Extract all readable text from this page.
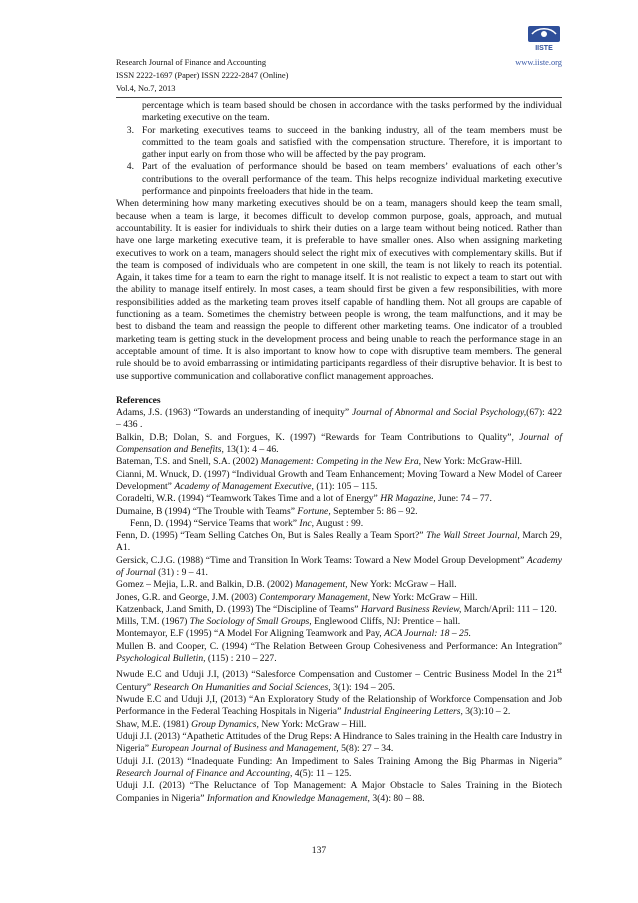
Research Journal of Finance and Accounting	www.iiste.org
ISSN 2222-1697 (Paper) ISSN 2222-2847 (Online)
Vol.4, No.7, 2013
IISTE

percentage which is team based should be chosen in accordance with the tasks performed by the individual marketing executive on the team.

3. For marketing executives teams to succeed in the banking industry, all of the team members must be committed to the team goals and satisfied with the compensation structure. Therefore, it is important to gather input early on from those who will be affected by the pay program.
4. Part of the evaluation of performance should be based on team members’ evaluations of each other’s contributions to the overall performance of the team. This helps recognize individual marketing executive performance and pinpoints freeloaders that hide in the team.

When determining how many marketing executives should be on a team, managers should keep the team small, because when a team is large, it becomes difficult to develop common purpose, goals, approach, and mutual accountability. It is easier for individuals to shirk their duties on a large team without being noticed. Rather than have one large marketing executive team, it is preferable to have smaller ones. Also when assigning marketing executives to work on a team, managers should select the right mix of executives with complementary skills. But if the team is composed of individuals who are competent in one skill, the team is not likely to reach its potential. Again, it takes time for a team to earn the right to manage itself. It is not realistic to expect a team to start out with the ability to manage itself entirely. In most cases, a team should first be given a few responsibilities, with more responsibilities added as the marketing team proves itself capable of handling them. Not all groups are capable of functioning as a team. Sometimes the chemistry between people is wrong, the team malfunctions, and it may be best to disband the team and reassign the people to different other marketing teams. One indicator of a troubled marketing team is getting stuck in the development process and being unable to reach the performance stage in an acceptable amount of time. It is also important to know how to cope with disruptive team members. The general rule should be to avoid embarrassing or intimidating participants regardless of their disruptive behavior. It is best to use supportive communication and collaborative conflict management approaches.

References

Adams, J.S. (1963) “Towards an understanding of inequity” Journal of Abnormal and Social Psychology,(67): 422 – 436 .

Balkin, D.B; Dolan, S. and Forgues, K. (1997) “Rewards for Team Contributions to Quality”, Journal of Compensation and Benefits, 13(1): 4 – 46.

Bateman, T.S. and Snell, S.A. (2002) Management: Competing in the New Era, New York: McGraw-Hill.

Cianni, M. Wnuck, D. (1997) “Individual Growth and Team Enhancement; Moving Toward a New Model of Career Development” Academy of Management Executive, (11): 105 – 115.

Coradelti, W.R. (1994) “Teamwork Takes Time and a lot of Energy” HR Magazine, June: 74 – 77.

Dumaine, B (1994) “The Trouble with Teams” Fortune, September 5: 86 – 92.

Fenn, D. (1994) “Service Teams that work” Inc, August : 99.

Fenn, D. (1995) “Team Selling Catches On, But is Sales Really a Team Sport?” The Wall Street Journal, March 29, A1.

Gersick, C.J.G. (1988) “Time and Transition In Work Teams: Toward a New Model Group Development” Academy of Journal (31) : 9 – 41.

Gomez – Mejia, L.R. and Balkin, D.B. (2002) Management, New York: McGraw – Hall.

Jones, G.R. and George, J.M. (2003) Contemporary Management, New York: McGraw – Hill.

Katzenback, J.and Smith, D. (1993) The “Discipline of Teams” Harvard Business Review, March/April: 111 – 120.

Mills, T.M. (1967) The Sociology of Small Groups, Englewood Cliffs, NJ: Prentice – hall.

Montemayor, E.F (1995) “A Model For Aligning Teamwork and Pay, ACA Journal: 18 – 25.

Mullen B. and Cooper, C. (1994) “The Relation Between Group Cohesiveness and Performance: An Integration” Psychological Bulletin, (115) : 210 – 227.

Nwude E.C and Uduji J.I, (2013) “Salesforce Compensation and Customer – Centric Business Model In the 21st Century” Research On Humanities and Social Sciences, 3(1): 194 – 205.

Nwude E.C and Uduji J,I, (2013) “An Exploratory Study of the Relationship of Workforce Compensation and Job Performance in the Federal Teaching Hospitals in Nigeria” Industrial Engineering Letters, 3(3):10 – 2.

Shaw, M.E. (1981) Group Dynamics, New York: McGraw – Hill.

Uduji J.I. (2013) “Apathetic Attitudes of the Drug Reps: A Hindrance to Sales training in the Health care Industry in Nigeria” European Journal of Business and Management, 5(8): 27 – 34.

Uduji J.I. (2013) “Inadequate Funding: An Impediment to Sales Training Among the Big Pharmas in Nigeria” Research Journal of Finance and Accounting, 4(5): 11 – 125.

Uduji J.I. (2013) “The Reluctance of Top Management: A Major Obstacle to Sales Training in the Biotech Companies in Nigeria” Information and Knowledge Management, 3(4): 80 – 88.

137
